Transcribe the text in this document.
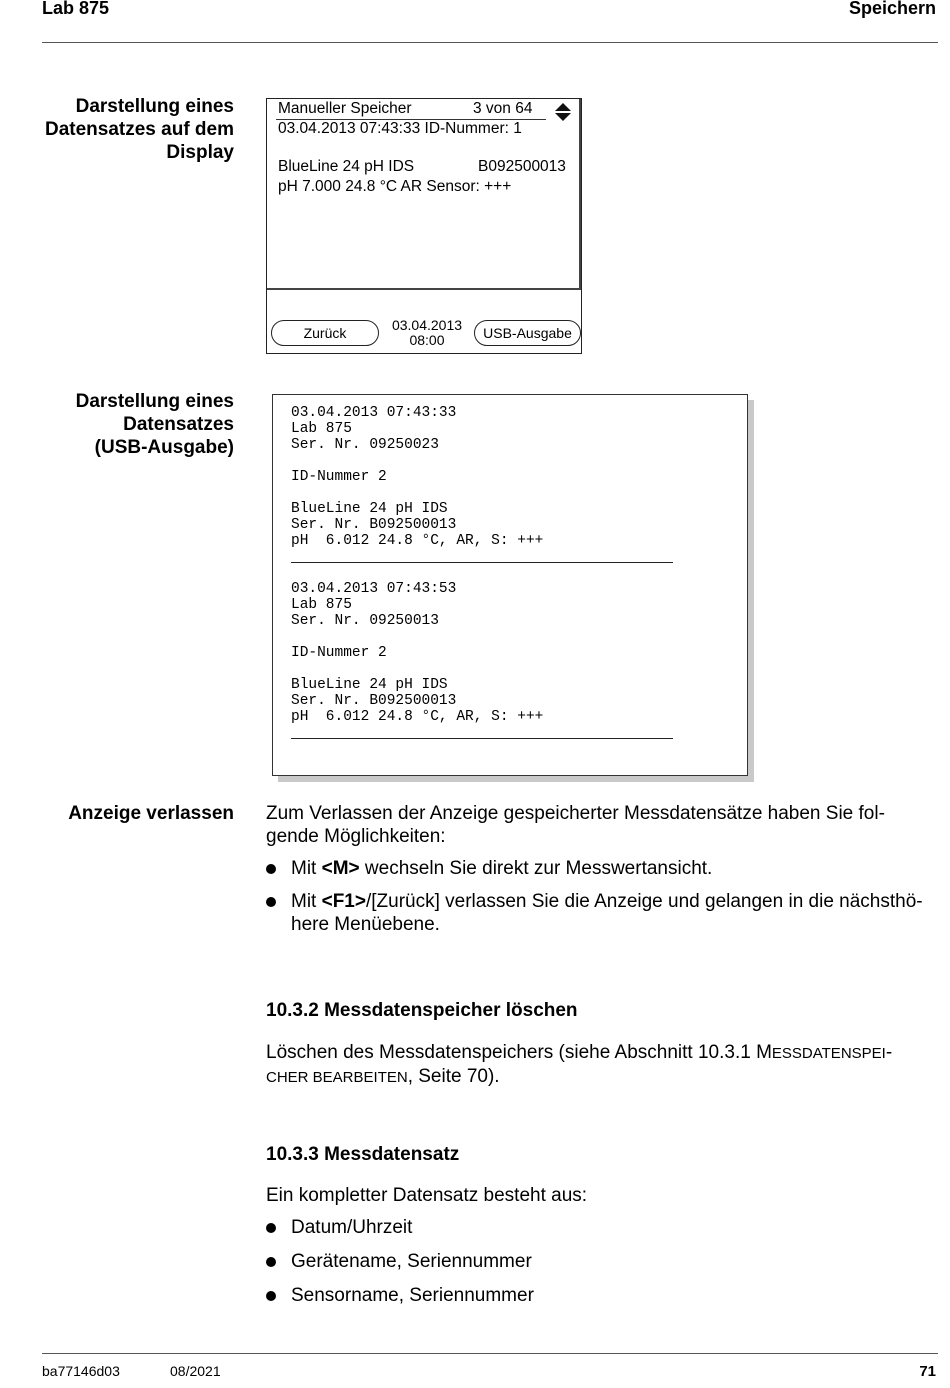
Lab 875	Speichern
Darstellung eines
Datensatzes auf dem
Display
Manueller Speicher	3 von 64
03.04.2013 07:43:33 ID-Nummer: 1
BlueLine 24 pH IDS	B092500013
pH 7.000 24.8 °C AR Sensor: +++
Zurück	03.04.2013
08:00	USB-Ausgabe
Darstellung eines
Datensatzes
(USB-Ausgabe)
03.04.2013 07:43:33
Lab 875
Ser. Nr. 09250023
ID-Nummer 2
BlueLine 24 pH IDS
Ser. Nr. B092500013
pH  6.012 24.8 °C, AR, S: +++
03.04.2013 07:43:53
Lab 875
Ser. Nr. 09250013
ID-Nummer 2
BlueLine 24 pH IDS
Ser. Nr. B092500013
pH  6.012 24.8 °C, AR, S: +++
Anzeige verlassen Zum Verlassen der Anzeige gespeicherter Messdatensätze haben Sie fol-
gende Möglichkeiten:
Mit <M> wechseln Sie direkt zur Messwertansicht.
Mit <F1>/[Zurück] verlassen Sie die Anzeige und gelangen in die nächsthö-
here Menüebene.
10.3.2 Messdatenspeicher löschen
Löschen des Messdatenspeichers (siehe Abschnitt 10.3.1 MESSDATENSPEI-
CHER BEARBEITEN, Seite 70).
10.3.3 Messdatensatz
Ein kompletter Datensatz besteht aus:
Datum/Uhrzeit
Gerätename, Seriennummer
Sensorname, Seriennummer
ba77146d03	08/2021	71
